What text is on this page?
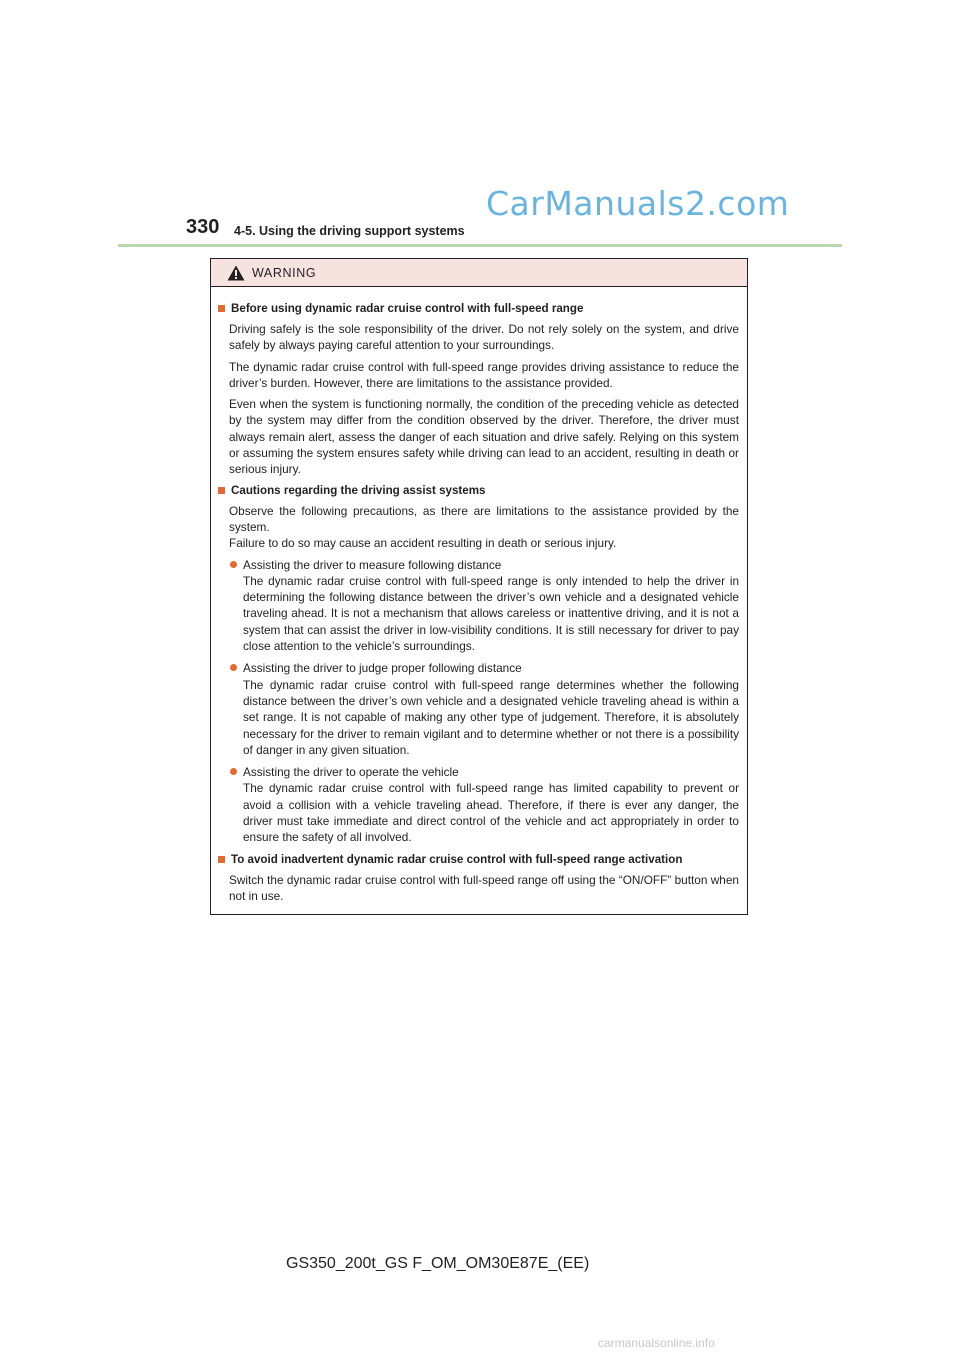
CarManuals2.com
330 4-5. Using the driving support systems
WARNING
Before using dynamic radar cruise control with full-speed range

Driving safely is the sole responsibility of the driver. Do not rely solely on the system, and drive safely by always paying careful attention to your surroundings.

The dynamic radar cruise control with full-speed range provides driving assistance to reduce the driver’s burden. However, there are limitations to the assistance provided.

Even when the system is functioning normally, the condition of the preceding vehicle as detected by the system may differ from the condition observed by the driver. Therefore, the driver must always remain alert, assess the danger of each situation and drive safely. Relying on this system or assuming the system ensures safety while driving can lead to an accident, resulting in death or serious injury.

Cautions regarding the driving assist systems

Observe the following precautions, as there are limitations to the assistance provided by the system.

Failure to do so may cause an accident resulting in death or serious injury.

Assisting the driver to measure following distance
The dynamic radar cruise control with full-speed range is only intended to help the driver in determining the following distance between the driver’s own vehicle and a designated vehicle traveling ahead. It is not a mechanism that allows careless or inattentive driving, and it is not a system that can assist the driver in low-visibility conditions. It is still necessary for driver to pay close attention to the vehicle’s surroundings.
Assisting the driver to judge proper following distance
The dynamic radar cruise control with full-speed range determines whether the following distance between the driver’s own vehicle and a designated vehicle traveling ahead is within a set range. It is not capable of making any other type of judgement. Therefore, it is absolutely necessary for the driver to remain vigilant and to determine whether or not there is a possibility of danger in any given situation.
Assisting the driver to operate the vehicle
The dynamic radar cruise control with full-speed range has limited capability to prevent or avoid a collision with a vehicle traveling ahead. Therefore, if there is ever any danger, the driver must take immediate and direct control of the vehicle and act appropriately in order to ensure the safety of all involved.
To avoid inadvertent dynamic radar cruise control with full-speed range activation

Switch the dynamic radar cruise control with full-speed range off using the “ON/OFF” button when not in use.

GS350_200t_GS F_OM_OM30E87E_(EE)
carmanualsonline.info
